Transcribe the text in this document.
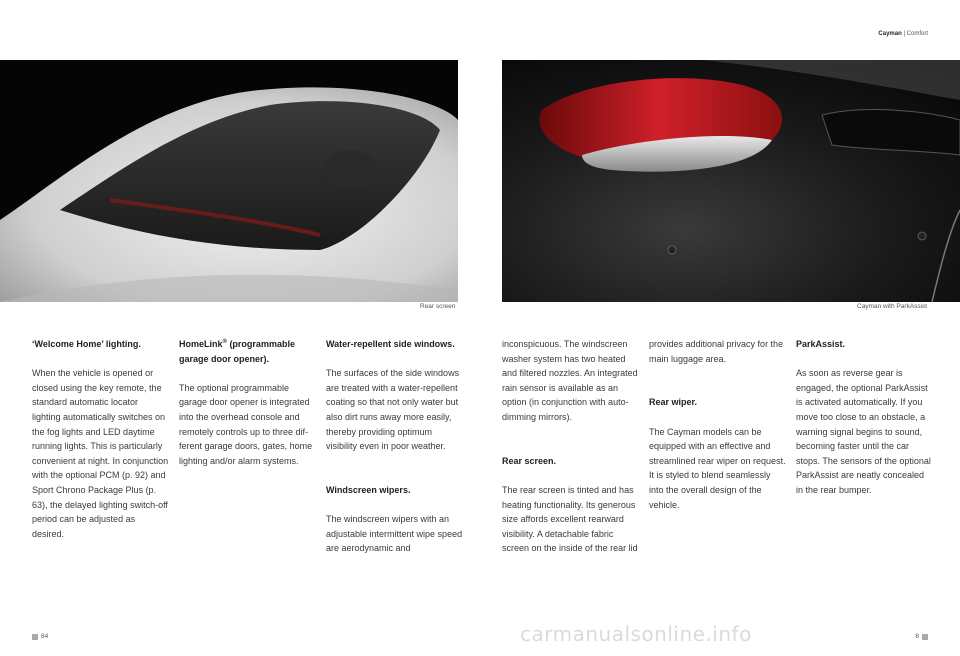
Cayman | Comfort
Rear screen	Cayman with ParkAssist
‘Welcome Home’ lighting.

When the vehicle is opened or closed using the key remote, the standard automatic locator lighting automatically switches on the fog lights and LED daytime running lights. This is particularly convenient at night. In conjunction with the optional PCM (p. 92) and Sport Chrono Package Plus (p. 63), the delayed lighting switch-off period can be adjusted as desired.

HomeLink® (programmable garage door opener).

The optional programmable garage door opener is integrated into the overhead console and remotely controls up to three different garage doors, gates, home lighting and/or alarm systems.

Water-repellent side windows.

The surfaces of the side windows are treated with a water-repellent coating so that not only water but also dirt runs away more easily, thereby providing optimum visibility even in poor weather.

Windscreen wipers.

The windscreen wipers with an adjustable intermittent wipe speed are aerodynamic and

inconspicuous. The windscreen washer system has two heated and filtered nozzles. An integrated rain sensor is available as an option (in conjunction with auto-dimming mirrors).

Rear screen.

The rear screen is tinted and has heating functionality. Its generous size affords excellent rearward visibility. A detachable fabric screen on the inside of the rear lid

provides additional privacy for the main luggage area.

Rear wiper.

The Cayman models can be equipped with an effective and streamlined rear wiper on request. It is styled to blend seamlessly into the overall design of the vehicle.

ParkAssist.

As soon as reverse gear is engaged, the optional ParkAssist is activated automatically. If you move too close to an obstacle, a warning signal begins to sound, becoming faster until the car stops. The sensors of the optional ParkAssist are neatly concealed in the rear bumper.

84	8
carmanualsonline.info
